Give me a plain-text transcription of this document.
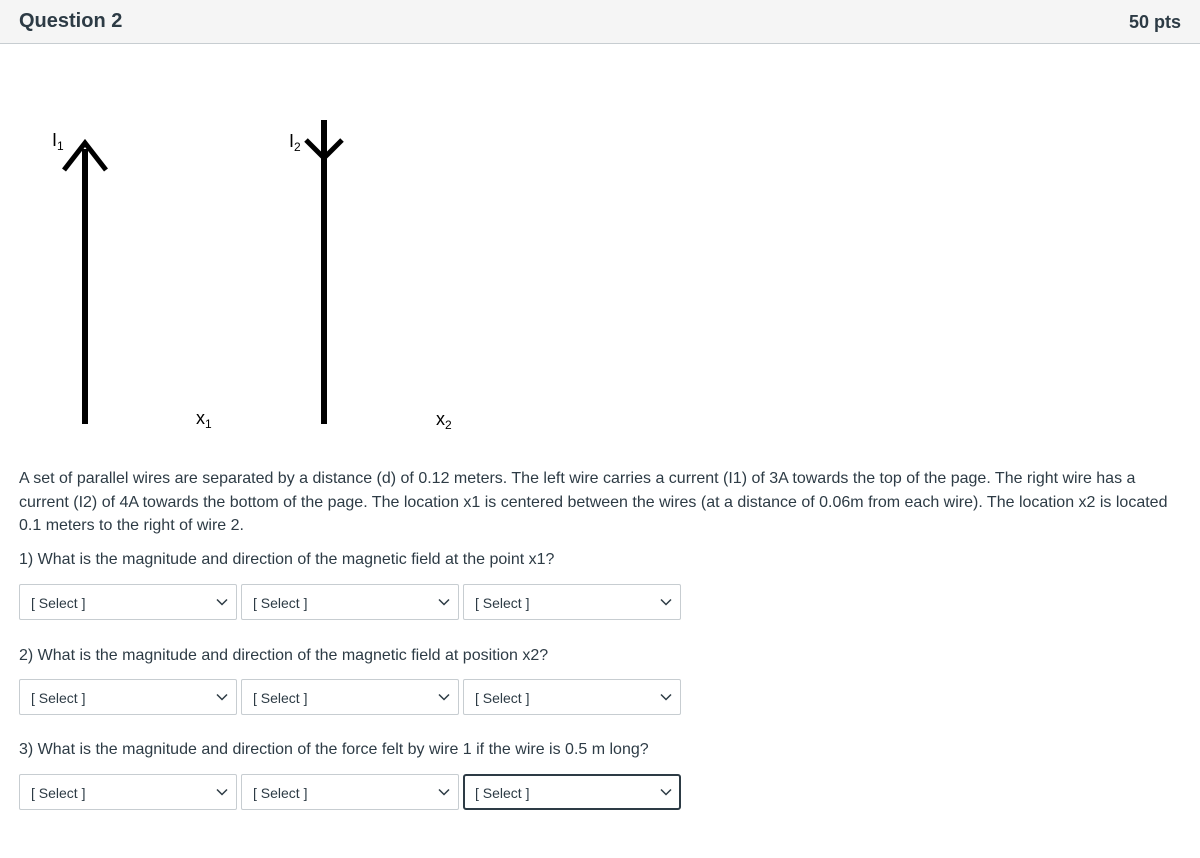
Question 2	50 pts
$I_1$	$I_2$
$x_1$	$x_2$

A set of parallel wires are separated by a distance (d) of 0.12 meters. The left wire carries a current (I1) of 3A towards the top of the page. The right wire has a current (I2) of 4A towards the bottom of the page. The location x1 is centered between the wires (at a distance of 0.06m from each wire). The location x2 is located 0.1 meters to the right of wire 2.

1) What is the magnitude and direction of the magnetic field at the point x1?
[ Select ]	[ Select ]	[ Select ]
2) What is the magnitude and direction of the magnetic field at position x2?
[ Select ]	[ Select ]	[ Select ]
3) What is the magnitude and direction of the force felt by wire 1 if the wire is 0.5 m long?
[ Select ]	[ Select ]	[ Select ]
